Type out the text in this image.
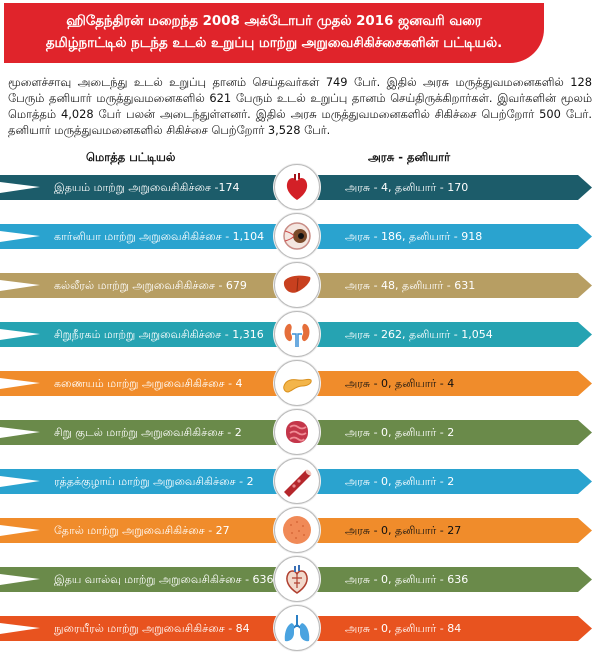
ஹிதேந்திரன் மறைந்த 2008 அக்டோபர் முதல் 2016 ஜனவரி வரை
தமிழ்நாட்டில் நடந்த உடல் உறுப்பு மாற்று அறுவைசிகிச்சைகளின் பட்டியல்.
மூளைச்சாவு அடைந்து உடல் உறுப்பு தானம் செய்தவர்கள் 749 பேர். இதில் அரசு மருத்துவமனைகளில் 128 பேரும் தனியார் மருத்துவமனைகளில் 621 பேரும் உடல் உறுப்பு தானம் செய்திருக்கிறார்கள். இவர்களின் மூலம் மொத்தம் 4,028 பேர் பலன் அடைந்துள்ளனர். இதில் அரசு மருத்துவமனைகளில் சிகிச்சை பெற்றோர் 500 பேர். தனியார் மருத்துவமனைகளில் சிகிச்சை பெற்றோர் 3,528 பேர்.
மொத்த பட்டியல்	அரசு - தனியார்
இதயம் மாற்று அறுவைசிகிச்சை -174	அரசு - 4, தனியார் - 170
கார்னியா மாற்று அறுவைசிகிச்சை - 1,104	அரசு - 186, தனியார் - 918
கல்லீரல் மாற்று அறுவைசிகிச்சை - 679	அரசு - 48, தனியார் - 631
சிறுநீரகம் மாற்று அறுவைசிகிச்சை - 1,316	அரசு - 262, தனியார் - 1,054
கணையம் மாற்று அறுவைசிகிச்சை - 4	அரசு - 0, தனியார் - 4
சிறு குடல் மாற்று அறுவைசிகிச்சை - 2	அரசு - 0, தனியார் - 2
ரத்தக்குழாய் மாற்று அறுவைசிகிச்சை - 2	அரசு - 0, தனியார் - 2
தோல் மாற்று அறுவைசிகிச்சை - 27	அரசு - 0, தனியார் - 27
இதய வால்வு மாற்று அறுவைசிகிச்சை - 636	அரசு - 0, தனியார் - 636
நுரையீரல் மாற்று அறுவைசிகிச்சை - 84	அரசு - 0, தனியார் - 84
